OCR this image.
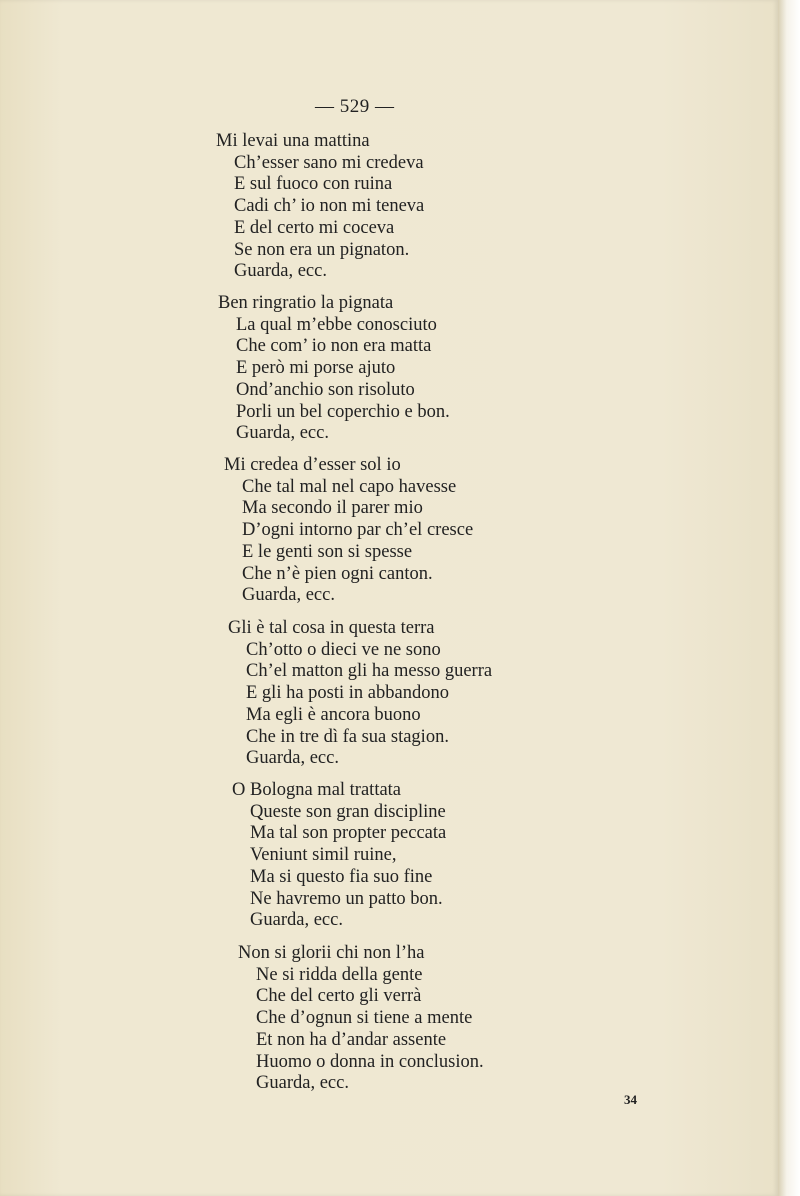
— 529 —
Mi levai una mattina
Ch’esser sano mi credeva
E sul fuoco con ruina
Cadi ch’ io non mi teneva
E del certo mi coceva
Se non era un pignaton.
Guarda, ecc.
Ben ringratio la pignata
La qual m’ebbe conosciuto
Che com’ io non era matta
E però mi porse ajuto
Ond’anchio son risoluto
Porli un bel coperchio e bon.
Guarda, ecc.
Mi credea d’esser sol io
Che tal mal nel capo havesse
Ma secondo il parer mio
D’ogni intorno par ch’el cresce
E le genti son si spesse
Che n’è pien ogni canton.
Guarda, ecc.
Gli è tal cosa in questa terra
Ch’otto o dieci ve ne sono
Ch’el matton gli ha messo guerra
E gli ha posti in abbandono
Ma egli è ancora buono
Che in tre dì fa sua stagion.
Guarda, ecc.
O Bologna mal trattata
Queste son gran discipline
Ma tal son propter peccata
Veniunt simil ruine,
Ma si questo fia suo fine
Ne havremo un patto bon.
Guarda, ecc.
Non si glorii chi non l’ha
Ne si ridda della gente
Che del certo gli verrà
Che d’ognun si tiene a mente
Et non ha d’andar assente
Huomo o donna in conclusion.
Guarda, ecc.
34
